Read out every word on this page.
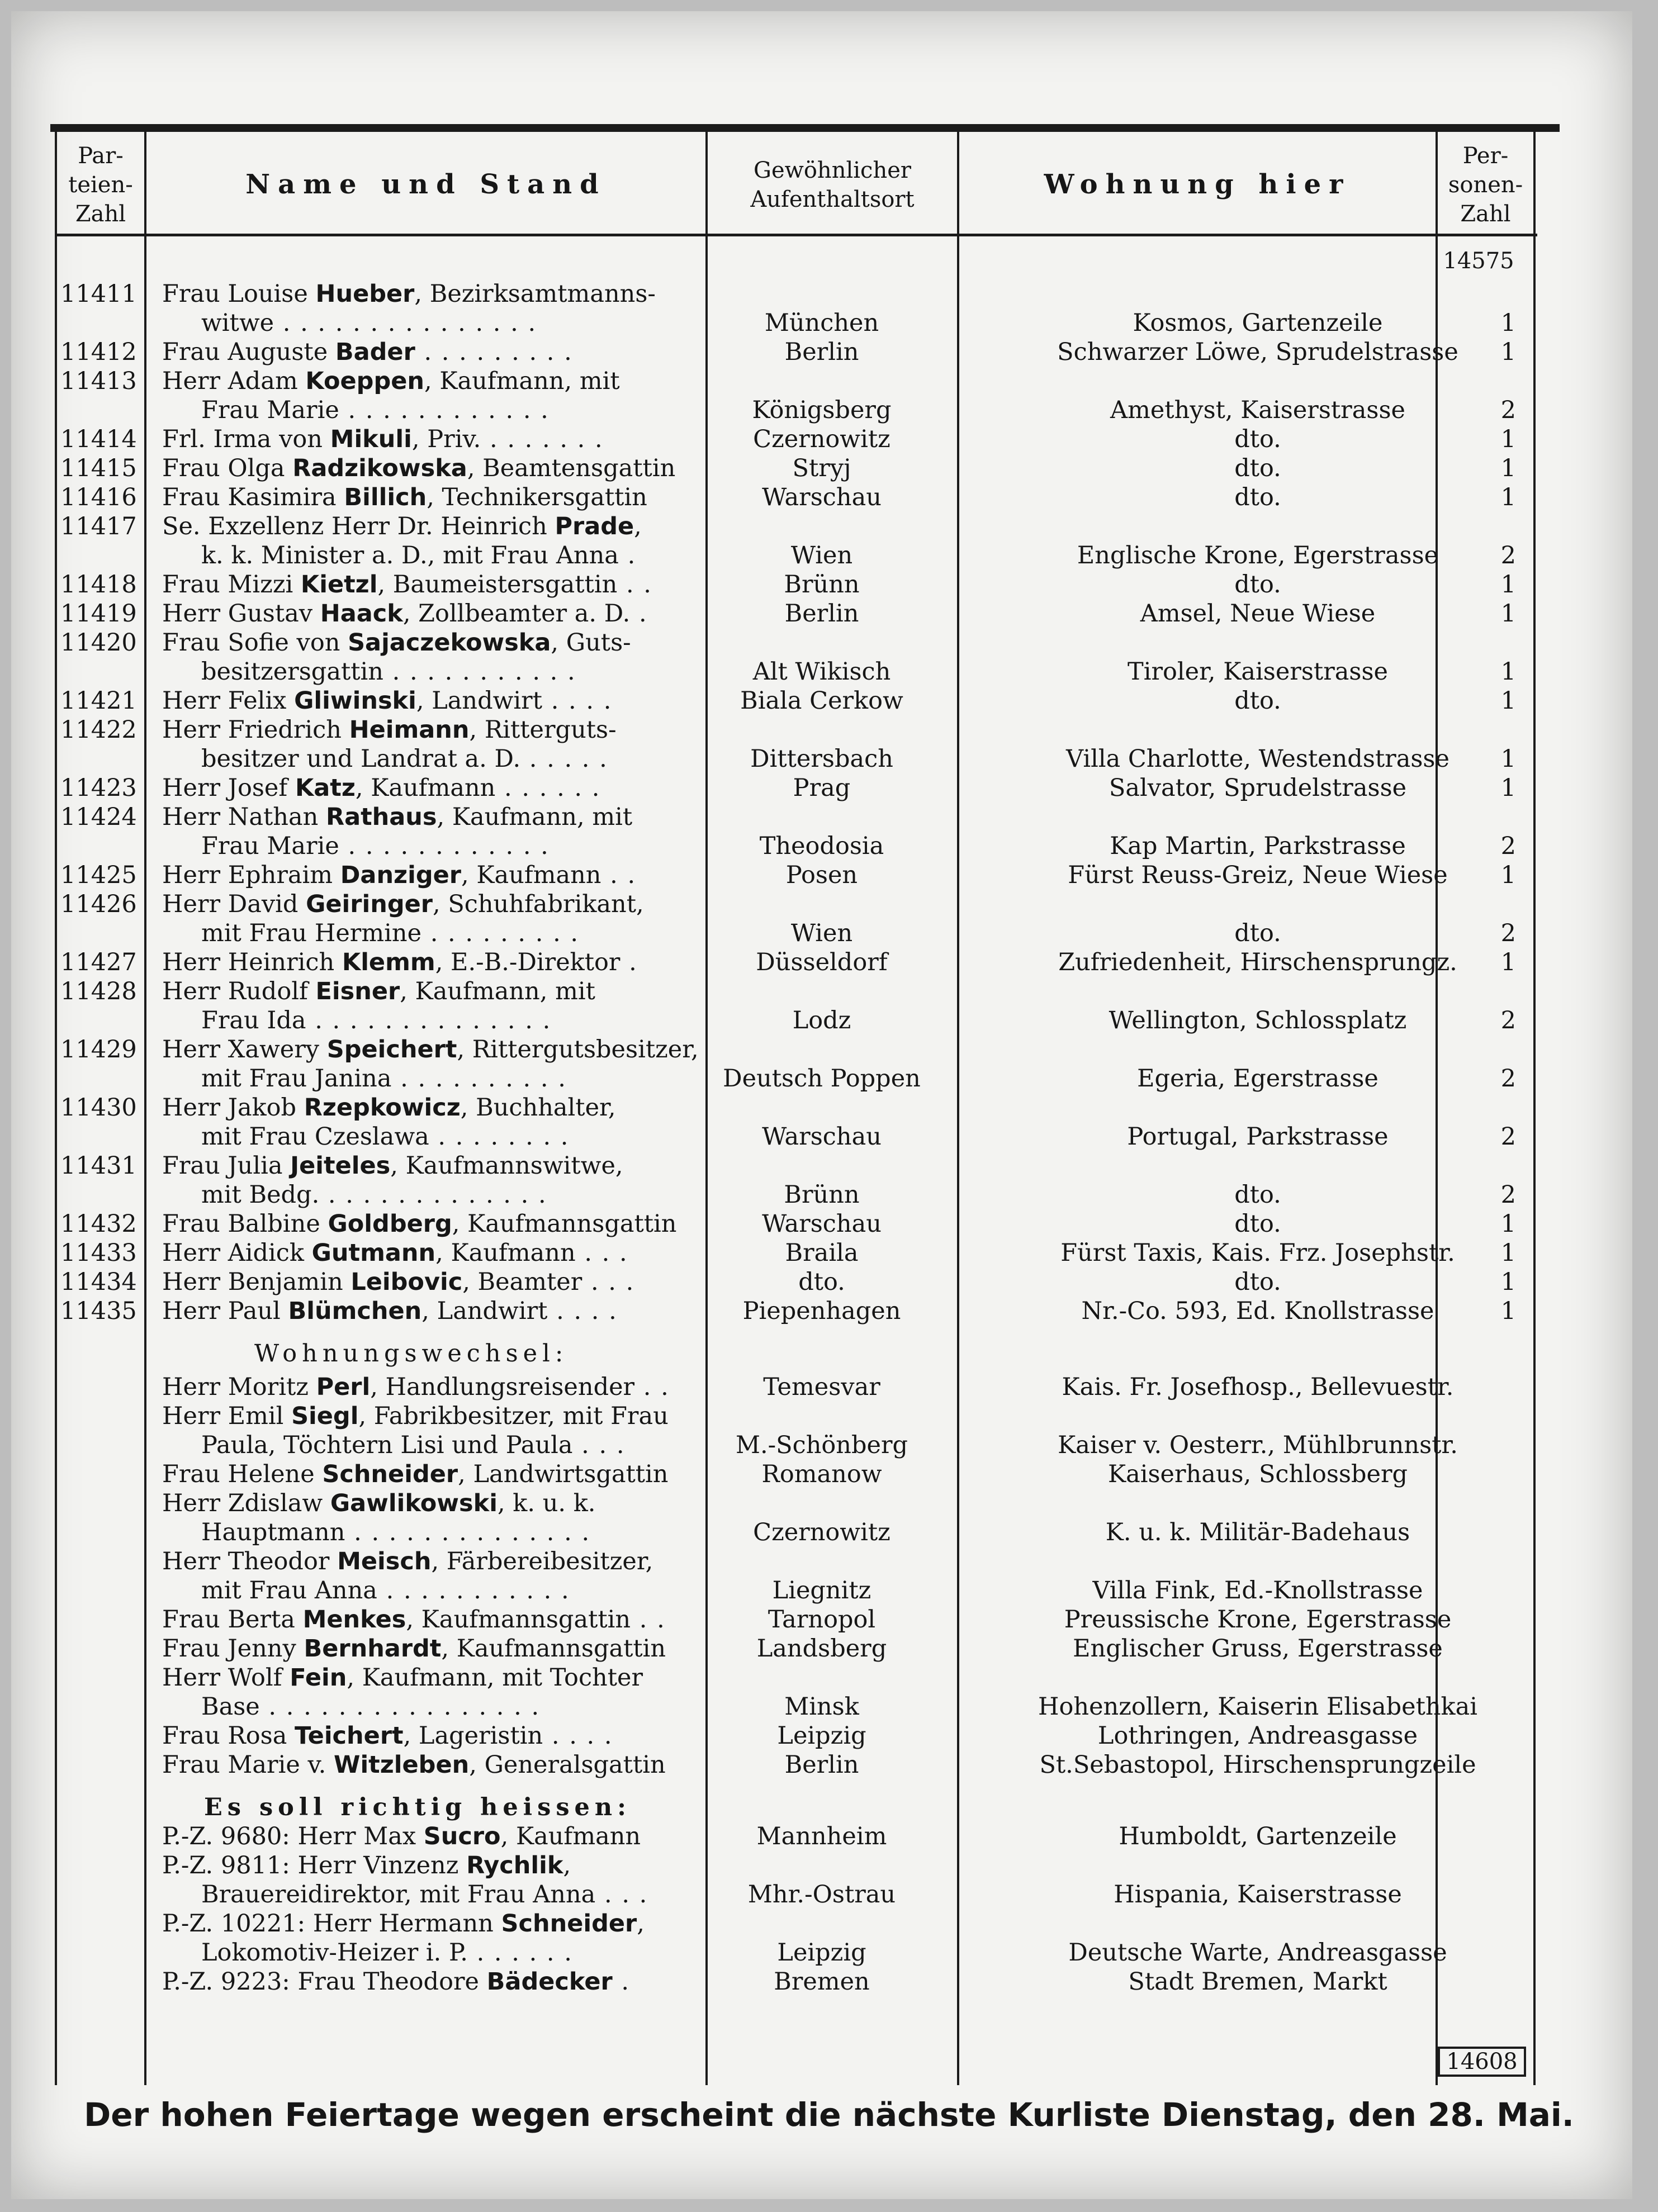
Par- teien- Zahl
Name und Stand	Gewöhnlicher Aufenthaltsort	Wohnung hier
Per- sonen- Zahl
14575
11411 Frau Louise Hueber, Bezirksamtmanns-
witwe . . . . . . . . . . . . . . .	München	Kosmos, Gartenzeile	1
11412 Frau Auguste Bader . . . . . . . . .	Berlin	Schwarzer Löwe, Sprudelstrasse	1
11413 Herr Adam Koeppen, Kaufmann, mit
Frau Marie . . . . . . . . . . . .	Königsberg	Amethyst, Kaiserstrasse	2
11414 Frl. Irma von Mikuli, Priv. . . . . . . .	Czernowitz	dto.	1
11415 Frau Olga Radzikowska, Beamtensgattin	Stryj	dto.	1
11416 Frau Kasimira Billich, Technikersgattin	Warschau	dto.	1
11417 Se. Exzellenz Herr Dr. Heinrich Prade,
k. k. Minister a. D., mit Frau Anna .	Wien	Englische Krone, Egerstrasse	2
11418 Frau Mizzi Kietzl, Baumeistersgattin . .	Brünn	dto.	1
11419 Herr Gustav Haack, Zollbeamter a. D. .	Berlin	Amsel, Neue Wiese	1
11420 Frau Sofie von Sajaczekowska, Guts-
besitzersgattin . . . . . . . . . . .	Alt Wikisch	Tiroler, Kaiserstrasse	1
11421 Herr Felix Gliwinski, Landwirt . . . .	Biala Cerkow	dto.	1
11422 Herr Friedrich Heimann, Ritterguts-
besitzer und Landrat a. D. . . . . .	Dittersbach	Villa Charlotte, Westendstrasse	1
11423 Herr Josef Katz, Kaufmann . . . . . .	Prag	Salvator, Sprudelstrasse	1
11424 Herr Nathan Rathaus, Kaufmann, mit
Frau Marie . . . . . . . . . . . .	Theodosia	Kap Martin, Parkstrasse	2
11425 Herr Ephraim Danziger, Kaufmann . .	Posen	Fürst Reuss-Greiz, Neue Wiese	1
11426 Herr David Geiringer, Schuhfabrikant,
mit Frau Hermine . . . . . . . . .	Wien	dto.	2
11427 Herr Heinrich Klemm, E.-B.-Direktor .	Düsseldorf	Zufriedenheit, Hirschensprungz.	1
11428 Herr Rudolf Eisner, Kaufmann, mit
Frau Ida . . . . . . . . . . . . . .	Lodz	Wellington, Schlossplatz	2
11429 Herr Xawery Speichert, Rittergutsbesitzer,
mit Frau Janina . . . . . . . . . .	Deutsch Poppen	Egeria, Egerstrasse	2
11430 Herr Jakob Rzepkowicz, Buchhalter,
mit Frau Czeslawa . . . . . . . .	Warschau	Portugal, Parkstrasse	2
11431 Frau Julia Jeiteles, Kaufmannswitwe,
mit Bedg. . . . . . . . . . . . . .	Brünn	dto.	2
11432 Frau Balbine Goldberg, Kaufmannsgattin	Warschau	dto.	1
11433 Herr Aidick Gutmann, Kaufmann . . .	Braila	Fürst Taxis, Kais. Frz. Josephstr.	1
11434 Herr Benjamin Leibovic, Beamter . . .	dto.	dto.	1
11435 Herr Paul Blümchen, Landwirt . . . .	Piepenhagen	Nr.-Co. 593, Ed. Knollstrasse	1
Wohnungswechsel:
Herr Moritz Perl, Handlungsreisender . .	Temesvar	Kais. Fr. Josefhosp., Bellevuestr.
Herr Emil Siegl, Fabrikbesitzer, mit Frau
Paula, Töchtern Lisi und Paula . . .	M.-Schönberg	Kaiser v. Oesterr., Mühlbrunnstr.
Frau Helene Schneider, Landwirtsgattin	Romanow	Kaiserhaus, Schlossberg
Herr Zdislaw Gawlikowski, k. u. k.
Hauptmann . . . . . . . . . . . . . .	Czernowitz	K. u. k. Militär-Badehaus
Herr Theodor Meisch, Färbereibesitzer,
mit Frau Anna . . . . . . . . . . .	Liegnitz	Villa Fink, Ed.-Knollstrasse
Frau Berta Menkes, Kaufmannsgattin . .	Tarnopol	Preussische Krone, Egerstrasse
Frau Jenny Bernhardt, Kaufmannsgattin	Landsberg	Englischer Gruss, Egerstrasse
Herr Wolf Fein, Kaufmann, mit Tochter
Base . . . . . . . . . . . . . . . .	Minsk	Hohenzollern, Kaiserin Elisabethkai
Frau Rosa Teichert, Lageristin . . . .	Leipzig	Lothringen, Andreasgasse
Frau Marie v. Witzleben, Generalsgattin	Berlin	St.Sebastopol, Hirschensprungzeile
Es soll richtig heissen:
P.-Z. 9680: Herr Max Sucro, Kaufmann	Mannheim	Humboldt, Gartenzeile
P.-Z. 9811: Herr Vinzenz Rychlik,
Brauereidirektor, mit Frau Anna . . .	Mhr.-Ostrau	Hispania, Kaiserstrasse
P.-Z. 10221: Herr Hermann Schneider,
Lokomotiv-Heizer i. P. . . . . . .	Leipzig	Deutsche Warte, Andreasgasse
P.-Z. 9223: Frau Theodore Bädecker .	Bremen	Stadt Bremen, Markt
14608
Der hohen Feiertage wegen erscheint die nächste Kurliste Dienstag, den 28. Mai.
